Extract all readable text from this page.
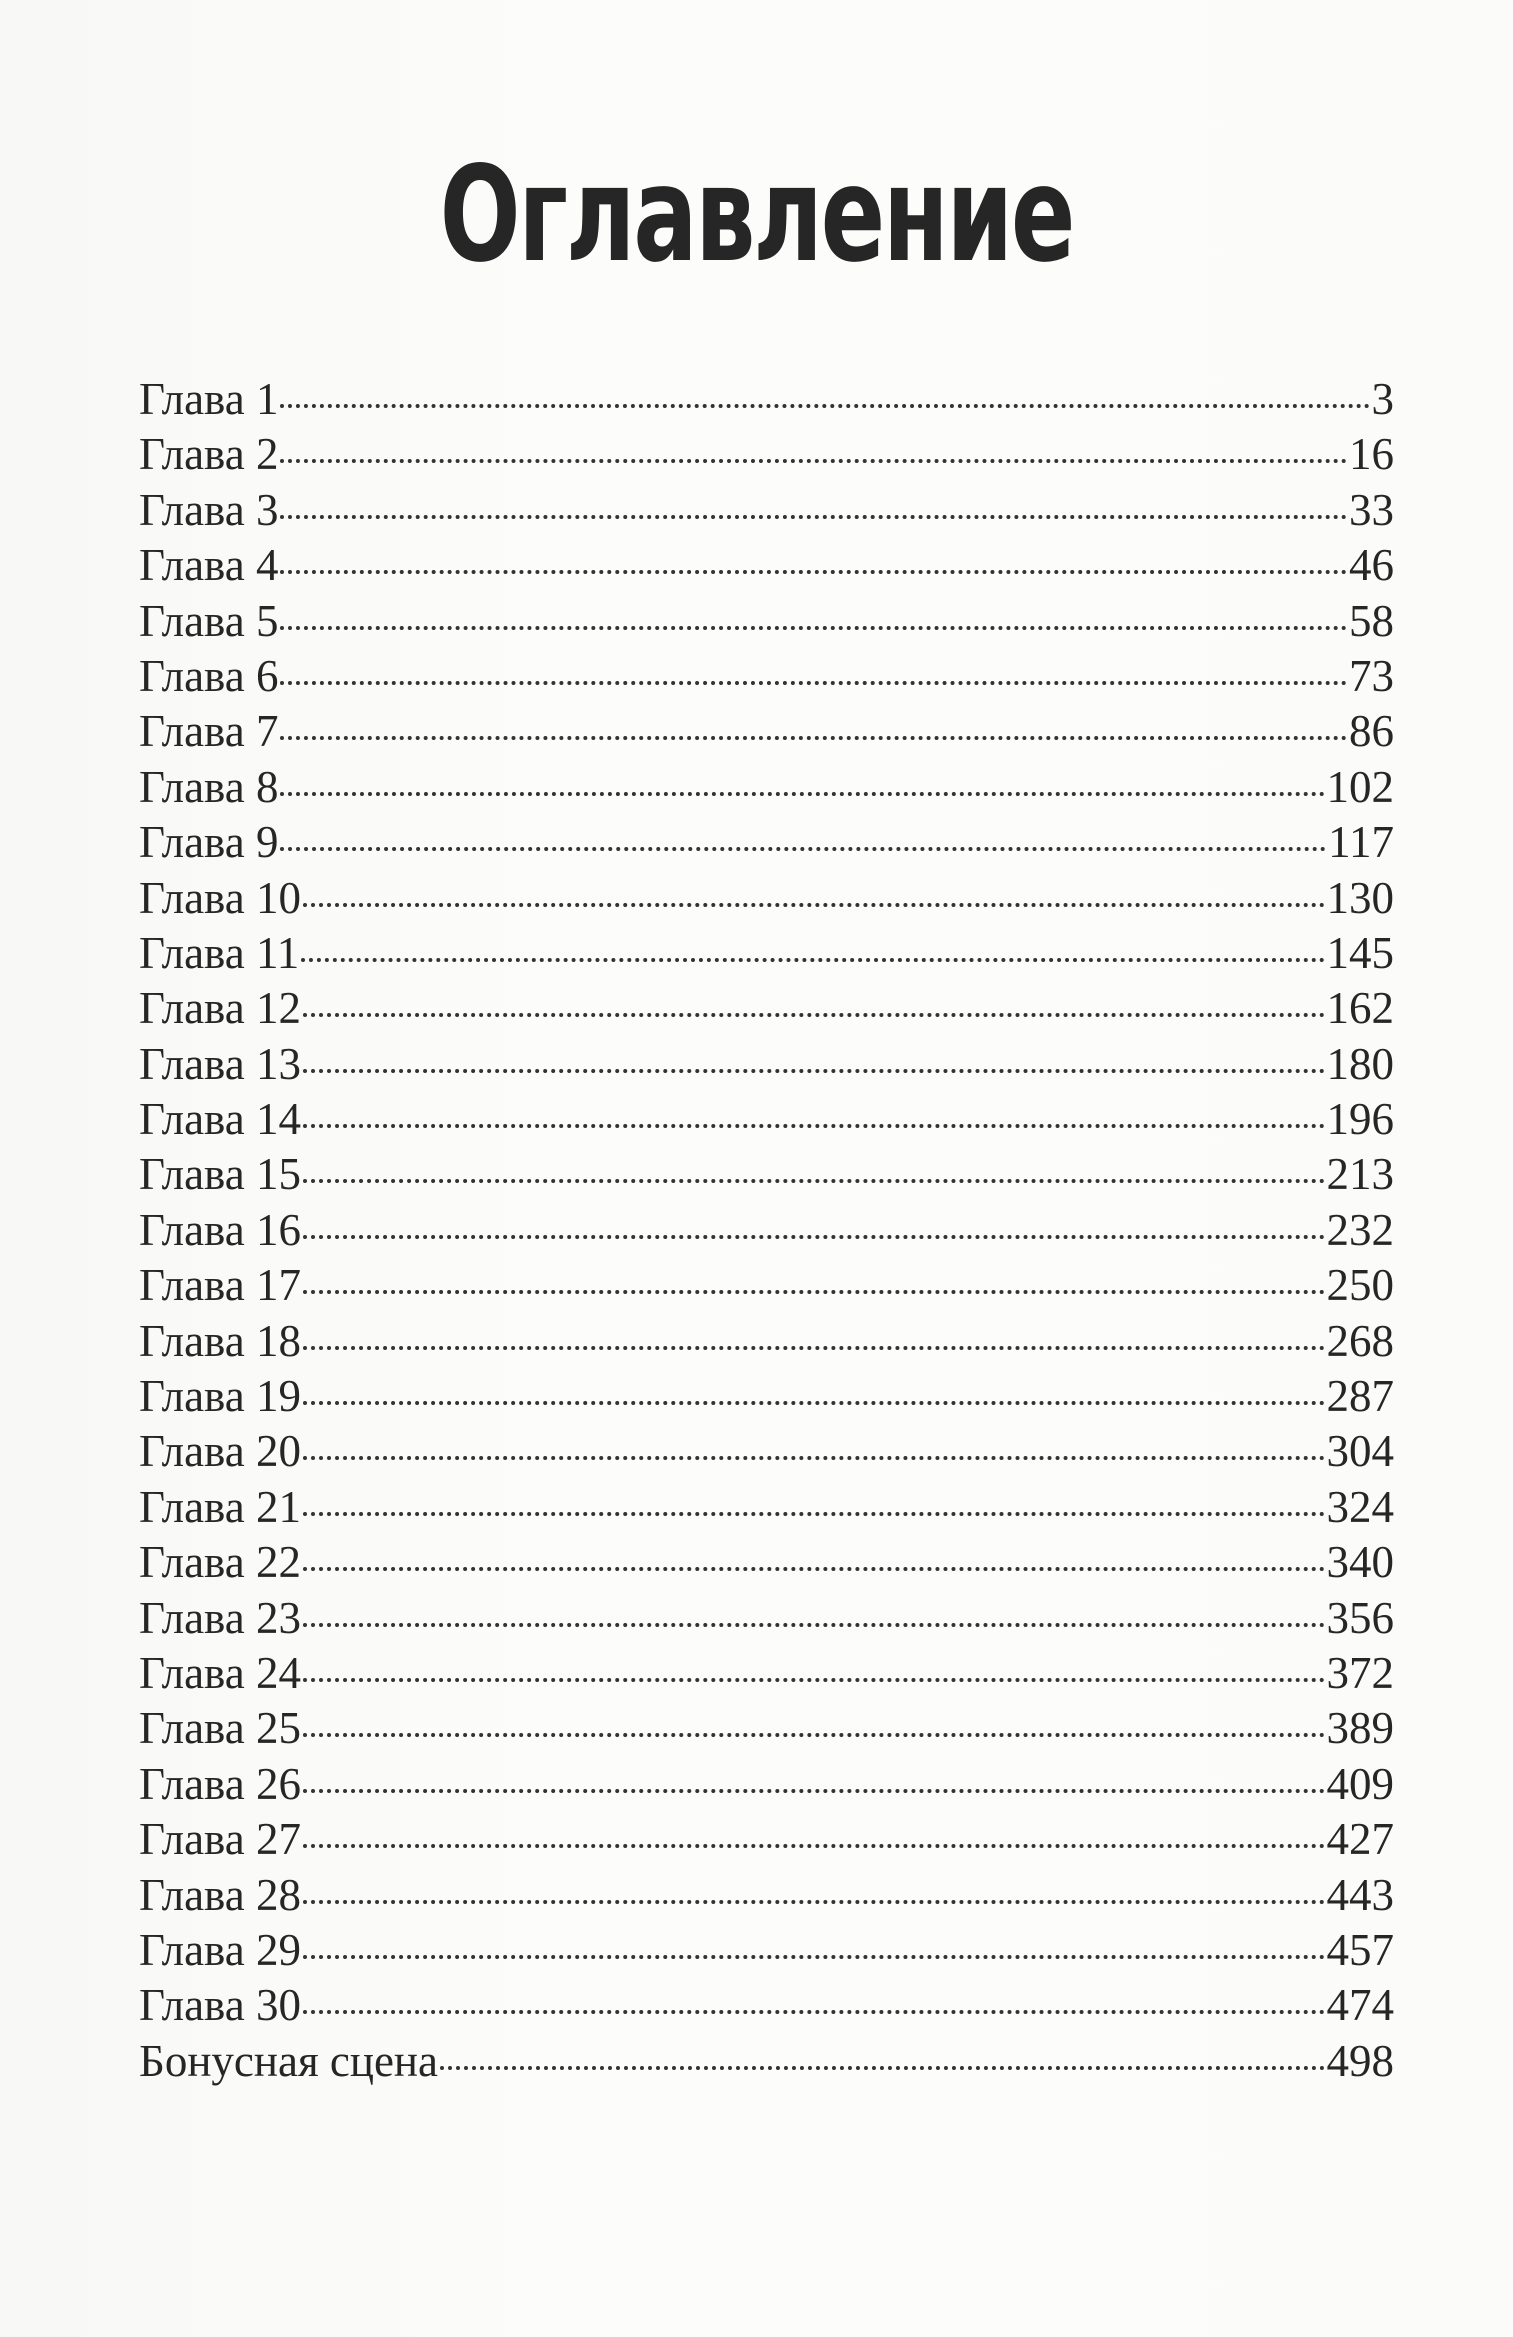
Оглавление
Глава 1	3
Глава 2	16
Глава 3	33
Глава 4	46
Глава 5	58
Глава 6	73
Глава 7	86
Глава 8	102
Глава 9	117
Глава 10	130
Глава 11	145
Глава 12	162
Глава 13	180
Глава 14	196
Глава 15	213
Глава 16	232
Глава 17	250
Глава 18	268
Глава 19	287
Глава 20	304
Глава 21	324
Глава 22	340
Глава 23	356
Глава 24	372
Глава 25	389
Глава 26	409
Глава 27	427
Глава 28	443
Глава 29	457
Глава 30	474
Бонусная сцена	498
